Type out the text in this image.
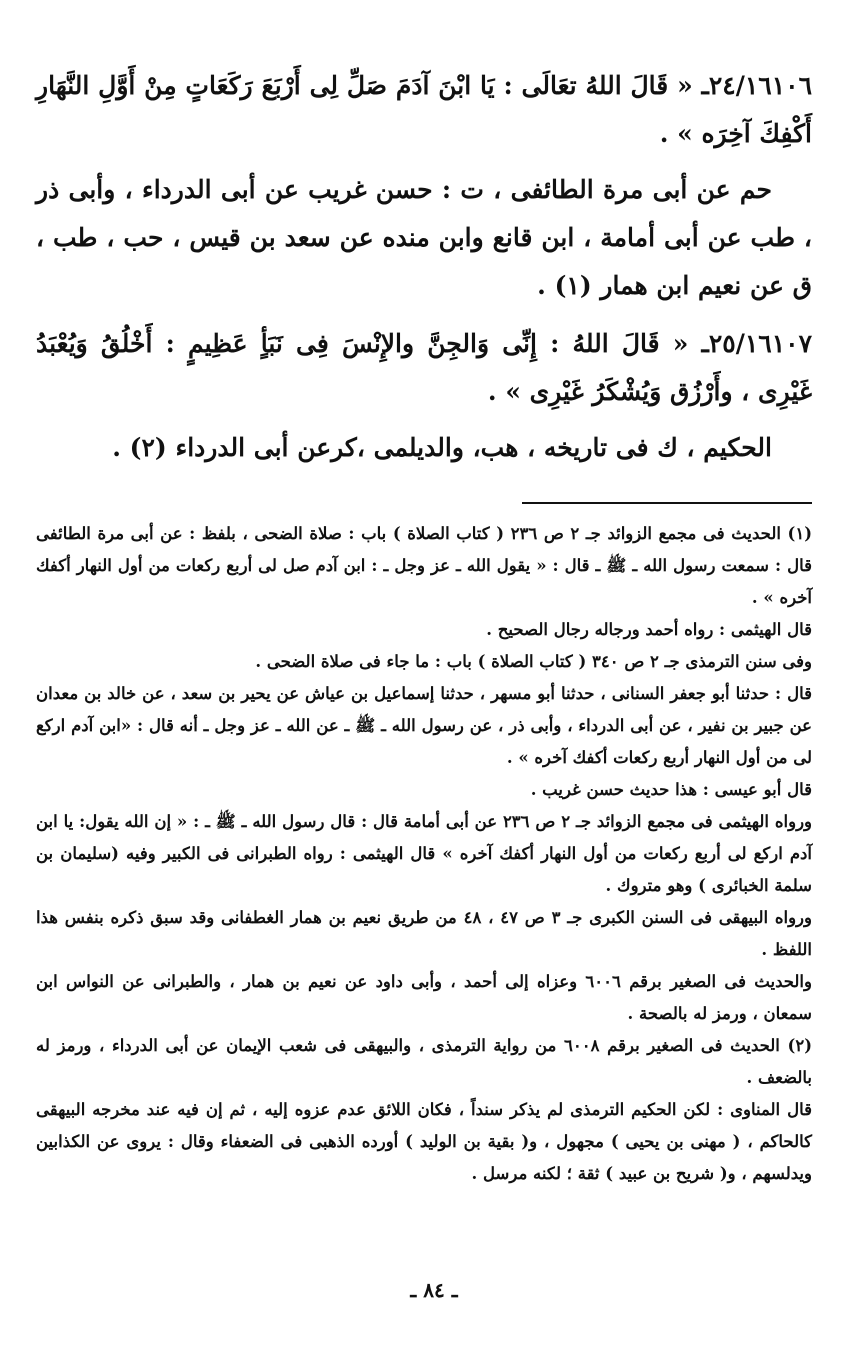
٢٤/١٦١٠٦ـ « قَالَ اللهُ تعَالَى : يَا ابْنَ آدَمَ صَلِّ لِى أَرْبَعَ رَكَعَاتٍ مِنْ أَوَّلِ النَّهَارِ أَكْفِكَ آخِرَه » .

حم عن أبى مرة الطائفى ، ت : حسن غريب عن أبى الدرداء ، وأبى ذر ، طب عن أبى أمامة ، ابن قانع وابن منده عن سعد بن قيس ، حب ، طب ، ق عن نعيم ابن همار (١) .

٢٥/١٦١٠٧ـ « قَالَ اللهُ : إِنِّى وَالجِنَّ والإِنْسَ فِى نَبَأٍ عَظِيمٍ : أَخْلُقُ وَيُعْبَدُ غَيْرِى ، وأَرْزُق وَيُشْكَرُ غَيْرِى » .

الحكيم ، ك فى تاريخه ، هب، والديلمى ،كرعن أبى الدرداء (٢) .

(١) الحديث فى مجمع الزوائد جـ ٢ ص ٢٣٦ ( كتاب الصلاة ) باب : صلاة الضحى ، بلفظ : عن أبى مرة الطائفى قال : سمعت رسول الله ـ ﷺ ـ قال : « يقول الله ـ عز وجل ـ : ابن آدم صل لى أربع ركعات من أول النهار أكفك آخره » .

قال الهيثمى : رواه أحمد ورجاله رجال الصحيح .

وفى سنن الترمذى جـ ٢ ص ٣٤٠ ( كتاب الصلاة ) باب : ما جاء فى صلاة الضحى .

قال : حدثنا أبو جعفر السنانى ، حدثنا أبو مسهر ، حدثنا إسماعيل بن عياش عن يحير بن سعد ، عن خالد بن معدان عن جبير بن نفير ، عن أبى الدرداء ، وأبى ذر ، عن رسول الله ـ ﷺ ـ عن الله ـ عز وجل ـ أنه قال : «ابن آدم اركع لى من أول النهار أربع ركعات أكفك آخره » .

قال أبو عيسى : هذا حديث حسن غريب .

ورواه الهيثمى فى مجمع الزوائد جـ ٢ ص ٢٣٦ عن أبى أمامة قال : قال رسول الله ـ ﷺ ـ : « إن الله يقول: يا ابن آدم اركع لى أربع ركعات من أول النهار أكفك آخره » قال الهيثمى : رواه الطبرانى فى الكبير وفيه (سليمان بن سلمة الخبائرى ) وهو متروك .

ورواه البيهقى فى السنن الكبرى جـ ٣ ص ٤٧ ، ٤٨ من طريق نعيم بن همار الغطفانى وقد سبق ذكره بنفس هذا اللفظ .

والحديث فى الصغير برقم ٦٠٠٦ وعزاه إلى أحمد ، وأبى داود عن نعيم بن همار ، والطبرانى عن النواس ابن سمعان ، ورمز له بالصحة .

(٢) الحديث فى الصغير برقم ٦٠٠٨ من رواية الترمذى ، والبيهقى فى شعب الإيمان عن أبى الدرداء ، ورمز له بالضعف .

قال المناوى : لكن الحكيم الترمذى لم يذكر سنداً ، فكان اللائق عدم عزوه إليه ، ثم إن فيه عند مخرجه البيهقى كالحاكم ، ( مهنى بن يحيى ) مجهول ، و( بقية بن الوليد ) أورده الذهبى فى الضعفاء وقال : يروى عن الكذابين ويدلسهم ، و( شريح بن عبيد ) ثقة ؛ لكنه مرسل .

ـ ٨٤ ـ
